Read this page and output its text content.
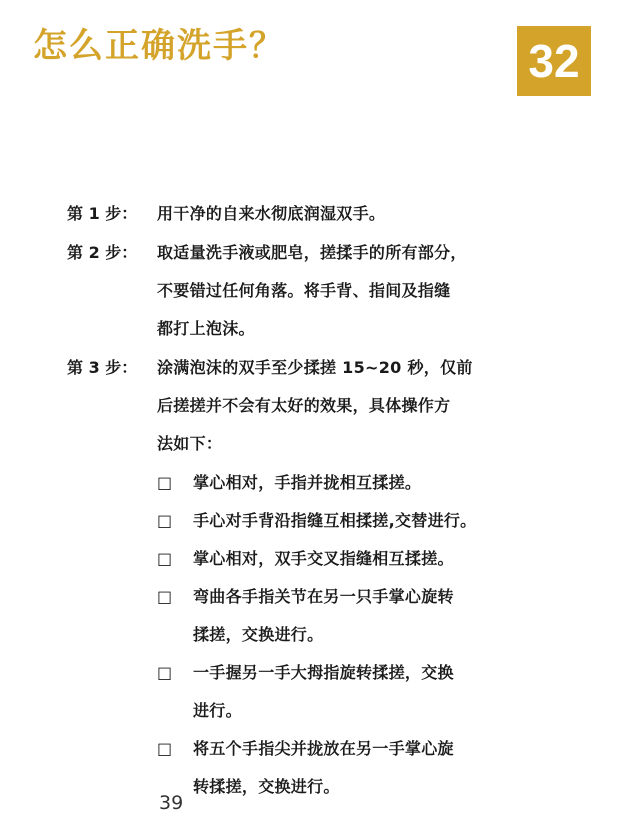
怎么正确洗手？	32
第 1 步：	用干净的自来水彻底润湿双手。
第 2 步：	取适量洗手液或肥皂，搓揉手的所有部分，
不要错过任何角落。将手背、指间及指缝
都打上泡沫。
第 3 步：	涂满泡沫的双手至少揉搓 15~20 秒，仅前
后搓搓并不会有太好的效果，具体操作方
法如下：
□	掌心相对，手指并拢相互揉搓。
□	手心对手背沿指缝互相揉搓,交替进行。
□	掌心相对，双手交叉指缝相互揉搓。
□	弯曲各手指关节在另一只手掌心旋转
揉搓，交换进行。
□	一手握另一手大拇指旋转揉搓，交换
进行。
□	将五个手指尖并拢放在另一手掌心旋
转揉搓，交换进行。
39
